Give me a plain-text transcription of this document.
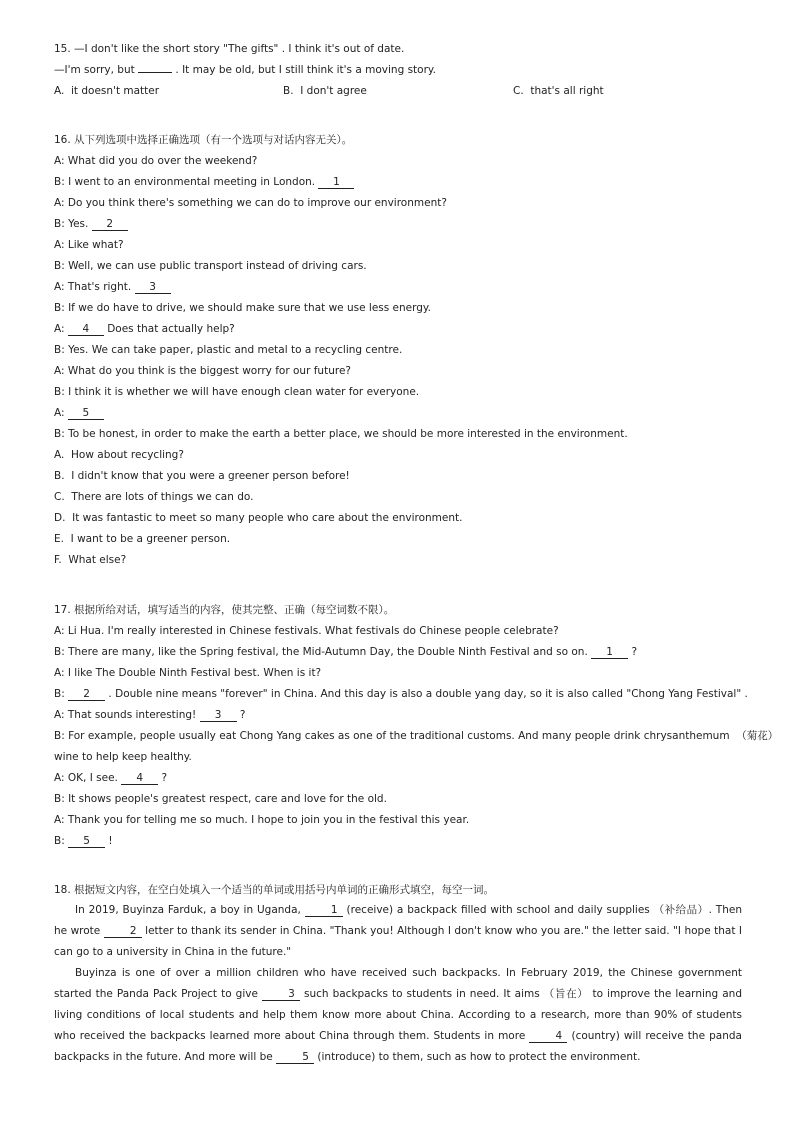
15. —I don't like the short story "The gifts" . I think it's out of date.
—I'm sorry, but	. It may be old, but I still think it's a moving story.
A.  it doesn't matter	B.  I don't agree	C.  that's all right
16. 从下列选项中选择正确选项（有一个选项与对话内容无关）。
A: What did you do over the weekend?
B: I went to an environmental meeting in London. 1
A: Do you think there's something we can do to improve our environment?
B: Yes. 2
A: Like what?
B: Well, we can use public transport instead of driving cars.
A: That's right. 3
B: If we do have to drive, we should make sure that we use less energy.
A: 4 Does that actually help?
B: Yes. We can take paper, plastic and metal to a recycling centre.
A: What do you think is the biggest worry for our future?
B: I think it is whether we will have enough clean water for everyone.
A: 5
B: To be honest, in order to make the earth a better place, we should be more interested in the environment.
A.  How about recycling?
B.  I didn't know that you were a greener person before!
C.  There are lots of things we can do.
D.  It was fantastic to meet so many people who care about the environment.
E.  I want to be a greener person.
F.  What else?
17. 根据所给对话，填写适当的内容，使其完整、正确（每空词数不限）。
A: Li Hua. I'm really interested in Chinese festivals. What festivals do Chinese people celebrate?
B: There are many, like the Spring festival, the Mid-Autumn Day, the Double Ninth Festival and so on. 1 ?
A: I like The Double Ninth Festival best. When is it?
B: 2 . Double nine means "forever" in China. And this day is also a double yang day, so it is also called "Chong Yang Festival" .
A: That sounds interesting! 3 ?
B: For example, people usually eat Chong Yang cakes as one of the traditional customs. And many people drink chrysanthemum  （菊花）
wine to help keep healthy.
A: OK, I see. 4 ?
B: It shows people's greatest respect, care and love for the old.
A: Thank you for telling me so much. I hope to join you in the festival this year.
B: 5 !
18. 根据短文内容，在空白处填入一个适当的单词或用括号内单词的正确形式填空，每空一词。
In 2019, Buyinza Farduk, a boy in Uganda, 1 (receive) a backpack filled with school and daily supplies （补给品）. Then he wrote 2 letter to thank its sender in China. "Thank you! Although I don't know who you are." the letter said. "I hope that I can go to a university in China in the future."
Buyinza is one of over a million children who have received such backpacks. In February 2019, the Chinese government started the Panda Pack Project to give 3 such backpacks to students in need. It aims （旨在） to improve the learning and living conditions of local students and help them know more about China. According to a research, more than 90% of students who received the backpacks learned more about China through them. Students in more 4 (country) will receive the panda backpacks in the future. And more will be 5 (introduce) to them, such as how to protect the environment.
